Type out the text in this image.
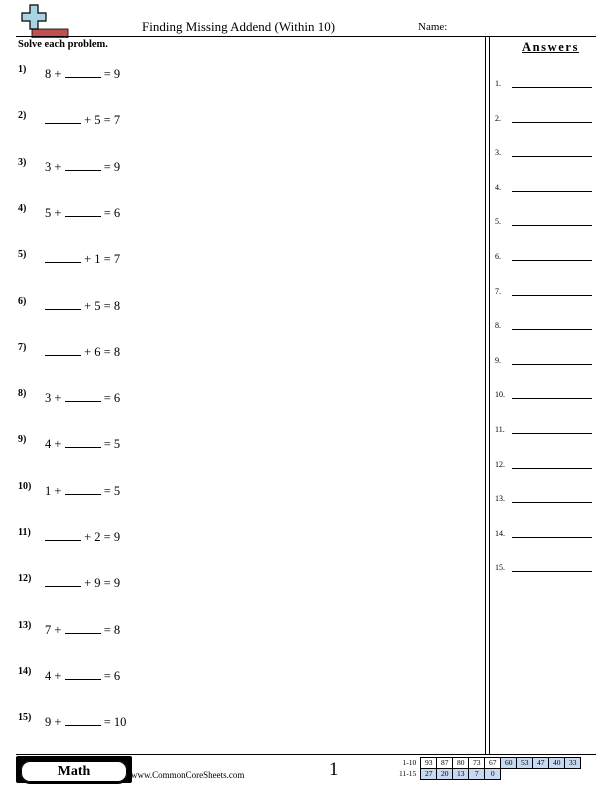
Finding Missing Addend (Within 10)	Name:
Solve each problem.
1) 8 +	= 9
2)	+ 5 = 7
3) 3 +	= 9
4) 5 +	= 6
5)	+ 1 = 7
6)	+ 5 = 8
7)	+ 6 = 8
8) 3 +	= 6
9) 4 +	= 5
10) 1 +	= 5
11)	+ 2 = 9
12)	+ 9 = 9
13) 7 +	= 8
14) 4 +	= 6
15) 9 +	= 10
Answers
1.
2.
3.
4.
5.
6.
7.
8.
9.
10.
11.
12.
13.
14.
15.
Math	www.CommonCoreSheets.com	1	1-10	93	87	80	73	67	60	53	47	40	33
11-15	27	20	13	7	0					
